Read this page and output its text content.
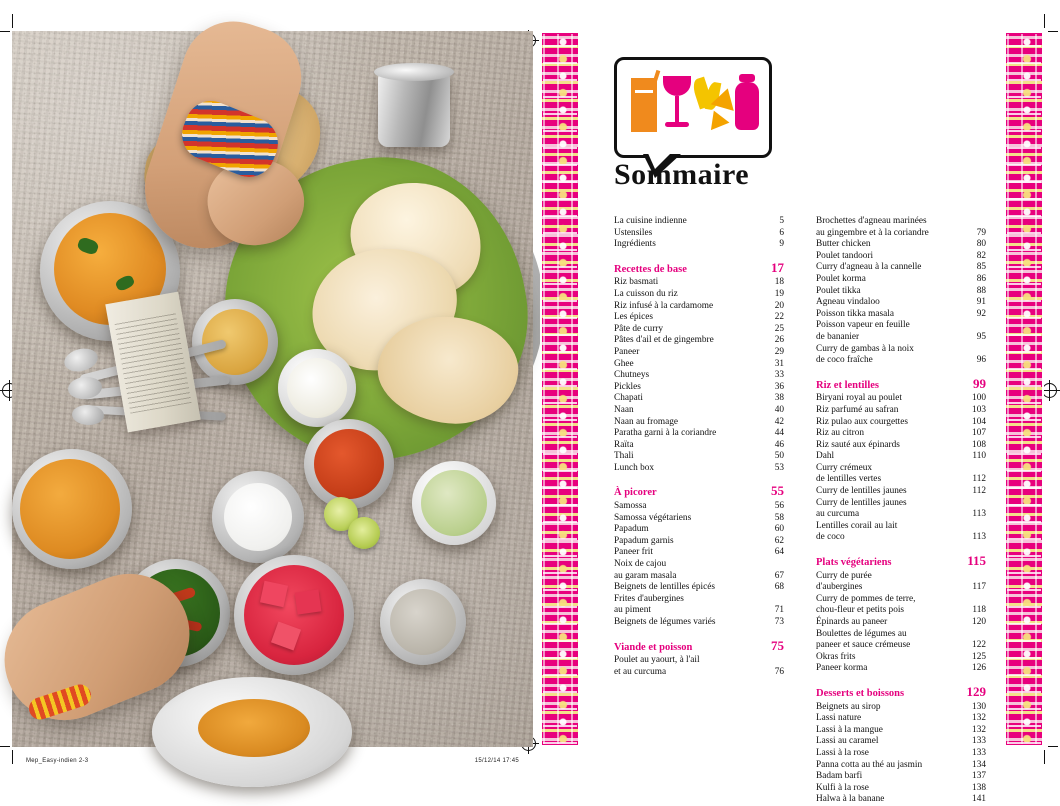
Mep_Easy-indien 2-3	15/12/14 17:45
Sommaire
La cuisine indienne	5
Ustensiles	6
Ingrédients	9
Recettes de base	17
Riz basmati	18
La cuisson du riz	19
Riz infusé à la cardamome	20
Les épices	22
Pâte de curry	25
Pâtes d'ail et de gingembre	26
Paneer	29
Ghee	31
Chutneys	33
Pickles	36
Chapati	38
Naan	40
Naan au fromage	42
Paratha garni à la coriandre	44
Raïta	46
Thali	50
Lunch box	53
À picorer	55
Samossa	56
Samossa végétariens	58
Papadum	60
Papadum garnis	62
Paneer frit	64
Noix de cajou
au garam masala	67
Beignets de lentilles épicés	68
Frites d'aubergines
au piment	71
Beignets de légumes variés	73
Viande et poisson	75
Poulet au yaourt, à l'ail
et au curcuma	76
Brochettes d'agneau marinées
au gingembre et à la coriandre	79
Butter chicken	80
Poulet tandoori	82
Curry d'agneau à la cannelle	85
Poulet korma	86
Poulet tikka	88
Agneau vindaloo	91
Poisson tikka masala	92
Poisson vapeur en feuille
de bananier	95
Curry de gambas à la noix
de coco fraîche	96
Riz et lentilles	99
Biryani royal au poulet	100
Riz parfumé au safran	103
Riz pulao aux courgettes	104
Riz au citron	107
Riz sauté aux épinards	108
Dahl	110
Curry crémeux
de lentilles vertes	112
Curry de lentilles jaunes	112
Curry de lentilles jaunes
au curcuma	113
Lentilles corail au lait
de coco	113
Plats végétariens	115
Curry de purée
d'aubergines	117
Curry de pommes de terre,
chou-fleur et petits pois	118
Épinards au paneer	120
Boulettes de légumes au
paneer et sauce crémeuse	122
Okras frits	125
Paneer korma	126
Desserts et boissons	129
Beignets au sirop	130
Lassi nature	132
Lassi à la mangue	132
Lassi au caramel	133
Lassi à la rose	133
Panna cotta au thé au jasmin	134
Badam barfi	137
Kulfi à la rose	138
Halwa à la banane	141
